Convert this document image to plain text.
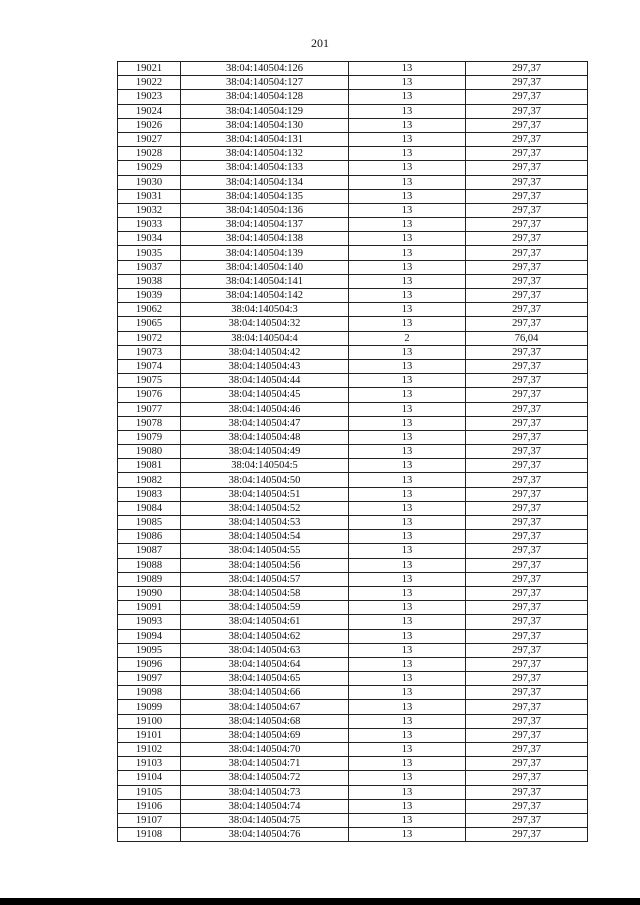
201
19021	38:04:140504:126	13	297,37
19022	38:04:140504:127	13	297,37
19023	38:04:140504:128	13	297,37
19024	38:04:140504:129	13	297,37
19026	38:04:140504:130	13	297,37
19027	38:04:140504:131	13	297,37
19028	38:04:140504:132	13	297,37
19029	38:04:140504:133	13	297,37
19030	38:04:140504:134	13	297,37
19031	38:04:140504:135	13	297,37
19032	38:04:140504:136	13	297,37
19033	38:04:140504:137	13	297,37
19034	38:04:140504:138	13	297,37
19035	38:04:140504:139	13	297,37
19037	38:04:140504:140	13	297,37
19038	38:04:140504:141	13	297,37
19039	38:04:140504:142	13	297,37
19062	38:04:140504:3	13	297,37
19065	38:04:140504:32	13	297,37
19072	38:04:140504:4	2	76,04
19073	38:04:140504:42	13	297,37
19074	38:04:140504:43	13	297,37
19075	38:04:140504:44	13	297,37
19076	38:04:140504:45	13	297,37
19077	38:04:140504:46	13	297,37
19078	38:04:140504:47	13	297,37
19079	38:04:140504:48	13	297,37
19080	38:04:140504:49	13	297,37
19081	38:04:140504:5	13	297,37
19082	38:04:140504:50	13	297,37
19083	38:04:140504:51	13	297,37
19084	38:04:140504:52	13	297,37
19085	38:04:140504:53	13	297,37
19086	38:04:140504:54	13	297,37
19087	38:04:140504:55	13	297,37
19088	38:04:140504:56	13	297,37
19089	38:04:140504:57	13	297,37
19090	38:04:140504:58	13	297,37
19091	38:04:140504:59	13	297,37
19093	38:04:140504:61	13	297,37
19094	38:04:140504:62	13	297,37
19095	38:04:140504:63	13	297,37
19096	38:04:140504:64	13	297,37
19097	38:04:140504:65	13	297,37
19098	38:04:140504:66	13	297,37
19099	38:04:140504:67	13	297,37
19100	38:04:140504:68	13	297,37
19101	38:04:140504:69	13	297,37
19102	38:04:140504:70	13	297,37
19103	38:04:140504:71	13	297,37
19104	38:04:140504:72	13	297,37
19105	38:04:140504:73	13	297,37
19106	38:04:140504:74	13	297,37
19107	38:04:140504:75	13	297,37
19108	38:04:140504:76	13	297,37
